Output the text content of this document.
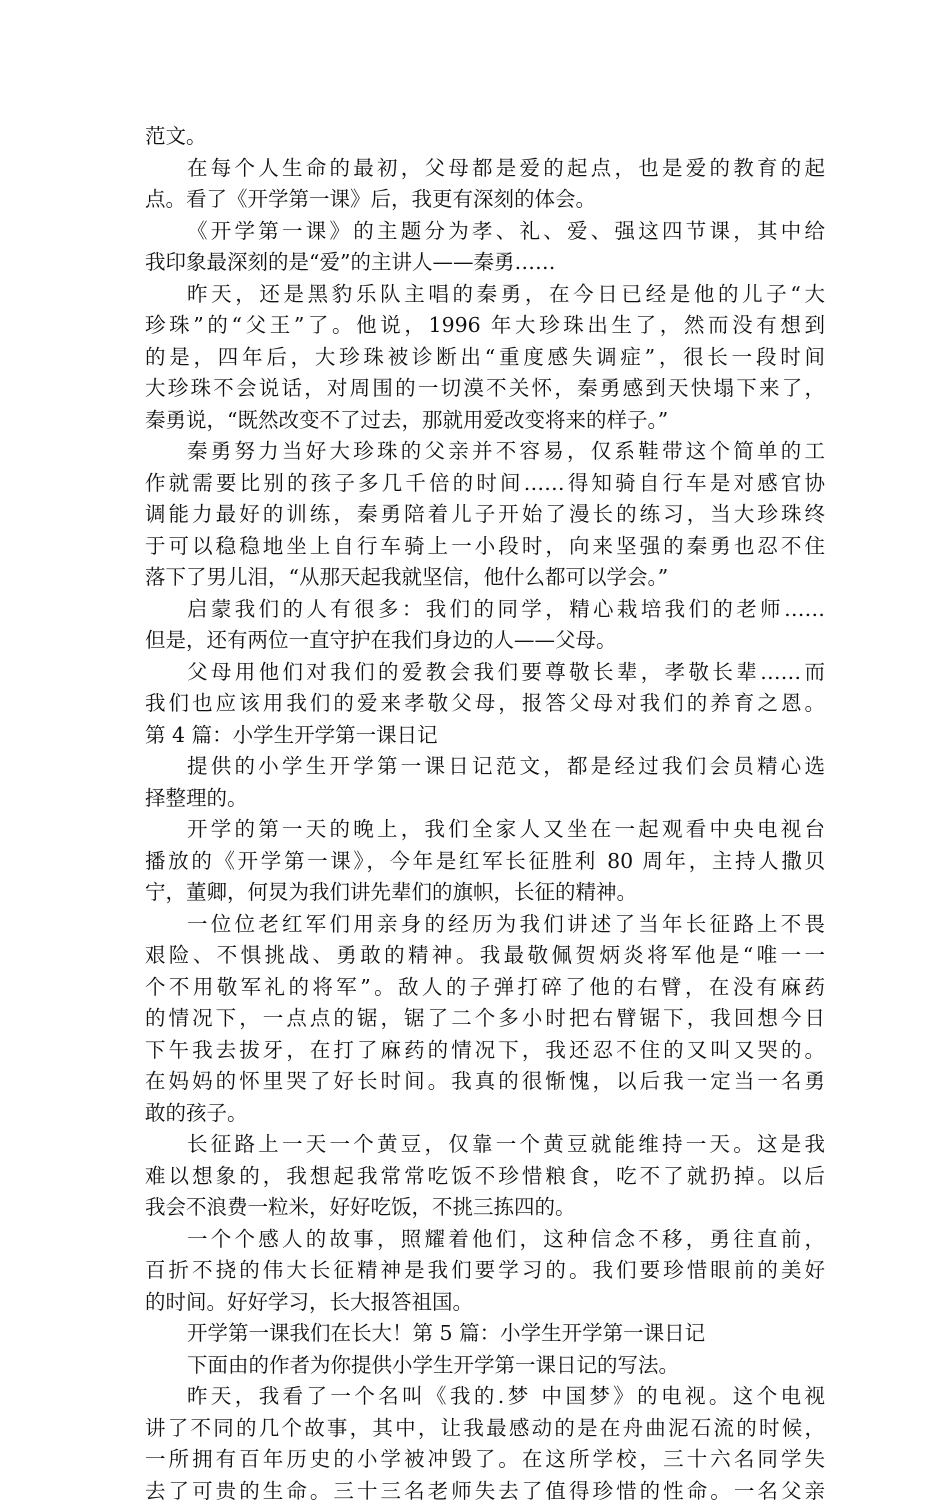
范文。
在每个人生命的最初，父母都是爱的起点，也是爱的教育的起
点。看了《开学第一课》后，我更有深刻的体会。
《开学第一课》的主题分为孝、礼、爱、强这四节课，其中给
我印象最深刻的是“爱”的主讲人——秦勇……
昨天，还是黑豹乐队主唱的秦勇，在今日已经是他的儿子“大
珍珠”的“父王”了。他说，1996 年大珍珠出生了，然而没有想到
的是，四年后，大珍珠被诊断出“重度感失调症”，很长一段时间
大珍珠不会说话，对周围的一切漠不关怀，秦勇感到天快塌下来了，
秦勇说，“既然改变不了过去，那就用爱改变将来的样子。”
秦勇努力当好大珍珠的父亲并不容易，仅系鞋带这个简单的工
作就需要比别的孩子多几千倍的时间……得知骑自行车是对感官协
调能力最好的训练，秦勇陪着儿子开始了漫长的练习，当大珍珠终
于可以稳稳地坐上自行车骑上一小段时，向来坚强的秦勇也忍不住
落下了男儿泪，“从那天起我就坚信，他什么都可以学会。”
启蒙我们的人有很多：我们的同学，精心栽培我们的老师……
但是，还有两位一直守护在我们身边的人——父母。
父母用他们对我们的爱教会我们要尊敬长辈，孝敬长辈……而
我们也应该用我们的爱来孝敬父母，报答父母对我们的养育之恩。
第 4 篇：小学生开学第一课日记
提供的小学生开学第一课日记范文，都是经过我们会员精心选
择整理的。
开学的第一天的晚上，我们全家人又坐在一起观看中央电视台
播放的《开学第一课》，今年是红军长征胜利 80 周年，主持人撒贝
宁，董卿，何炅为我们讲先辈们的旗帜，长征的精神。
一位位老红军们用亲身的经历为我们讲述了当年长征路上不畏
艰险、不惧挑战、勇敢的精神。我最敬佩贺炳炎将军他是“唯一一
个不用敬军礼的将军”。敌人的子弹打碎了他的右臂，在没有麻药
的情况下，一点点的锯，锯了二个多小时把右臂锯下，我回想今日
下午我去拔牙，在打了麻药的情况下，我还忍不住的又叫又哭的。
在妈妈的怀里哭了好长时间。我真的很惭愧，以后我一定当一名勇
敢的孩子。
长征路上一天一个黄豆，仅靠一个黄豆就能维持一天。这是我
难以想象的，我想起我常常吃饭不珍惜粮食，吃不了就扔掉。以后
我会不浪费一粒米，好好吃饭，不挑三拣四的。
一个个感人的故事，照耀着他们，这种信念不移，勇往直前，
百折不挠的伟大长征精神是我们要学习的。我们要珍惜眼前的美好
的时间。好好学习，长大报答祖国。
开学第一课我们在长大！第 5 篇：小学生开学第一课日记
下面由的作者为你提供小学生开学第一课日记的写法。
昨天，我看了一个名叫《我的.梦 中国梦》的电视。这个电视
讲了不同的几个故事，其中，让我最感动的是在舟曲泥石流的时候，
一所拥有百年历史的小学被冲毁了。在这所学校，三十六名同学失
去了可贵的生命。三十三名老师失去了值得珍惜的性命。一名父亲
